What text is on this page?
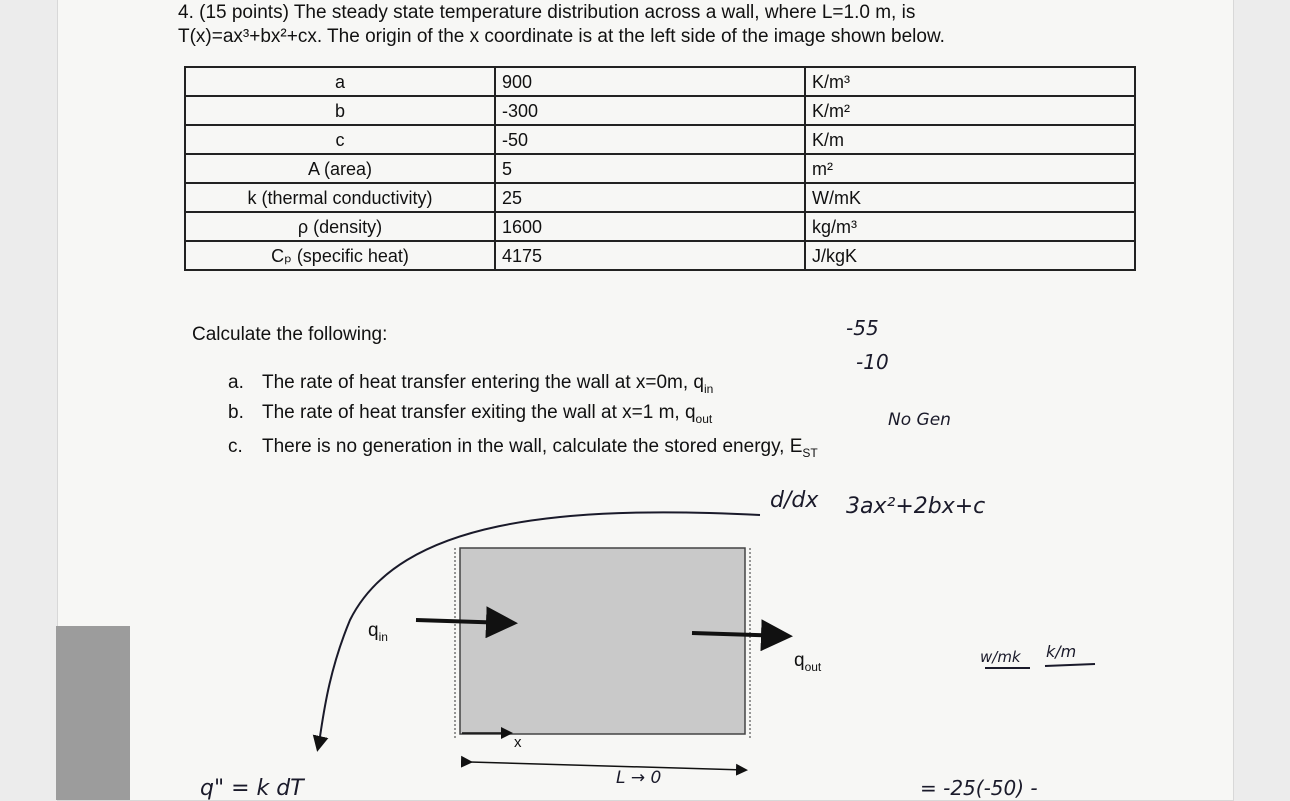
4. (15 points) The steady state temperature distribution across a wall, where L=1.0 m, is
T(x)=ax³+bx²+cx. The origin of the x coordinate is at the left side of the image shown below.
a	900	K/m³
b	-300	K/m²
c	-50	K/m
A (area)	5	m²
k (thermal conductivity)	25	W/mK
ρ (density)	1600	kg/m³
Cₚ (specific heat)	4175	J/kgK
Calculate the following:
a. The rate of heat transfer entering the wall at x=0m, $q_{in}$
b. The rate of heat transfer exiting the wall at x=1 m, $q_{out}$
c. There is no generation in the wall, calculate the stored energy, $E_{ST}$
$q_{in}$
$q_{out}$
x
-55
-10
No Gen
d/dx 3ax²+2bx+c
w/mk k/m
q" = k dT	L → 0	= -25(-50) -
